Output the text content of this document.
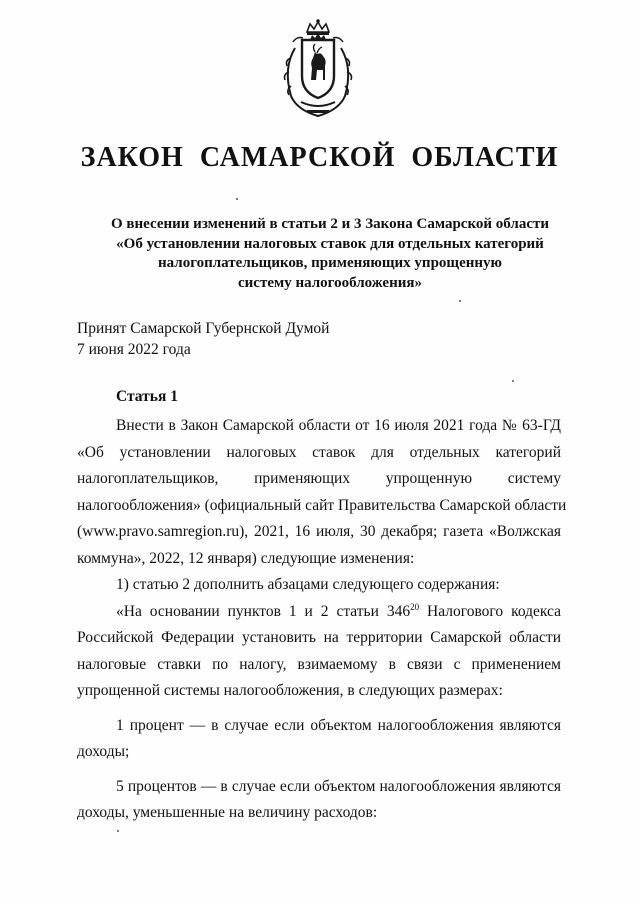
ЗАКОН САМАРСКОЙ ОБЛАСТИ
О внесении изменений в статьи 2 и 3 Закона Самарской области
«Об установлении налоговых ставок для отдельных категорий
налогоплательщиков, применяющих упрощенную
систему налогообложения»
Принят Самарской Губернской Думой
7 июня 2022 года
Статья 1
Внести в Закон Самарской области от 16 июля 2021 года № 63-ГД
«Об установлении налоговых ставок для отдельных категорий
налогоплательщиков, применяющих упрощенную систему
налогообложения» (официальный сайт Правительства Самарской области
(www.pravo.samregion.ru), 2021, 16 июля, 30 декабря; газета «Волжская
коммуна», 2022, 12 января) следующие изменения:
1) статью 2 дополнить абзацами следующего содержания:
«На основании пунктов 1 и 2 статьи $346^{20}$ Налогового кодекса
Российской Федерации установить на территории Самарской области
налоговые ставки по налогу, взимаемому в связи с применением
упрощенной системы налогообложения, в следующих размерах:
1 процент — в случае если объектом налогообложения являются
доходы;
5 процентов — в случае если объектом налогообложения являются
доходы, уменьшенные на величину расходов:
